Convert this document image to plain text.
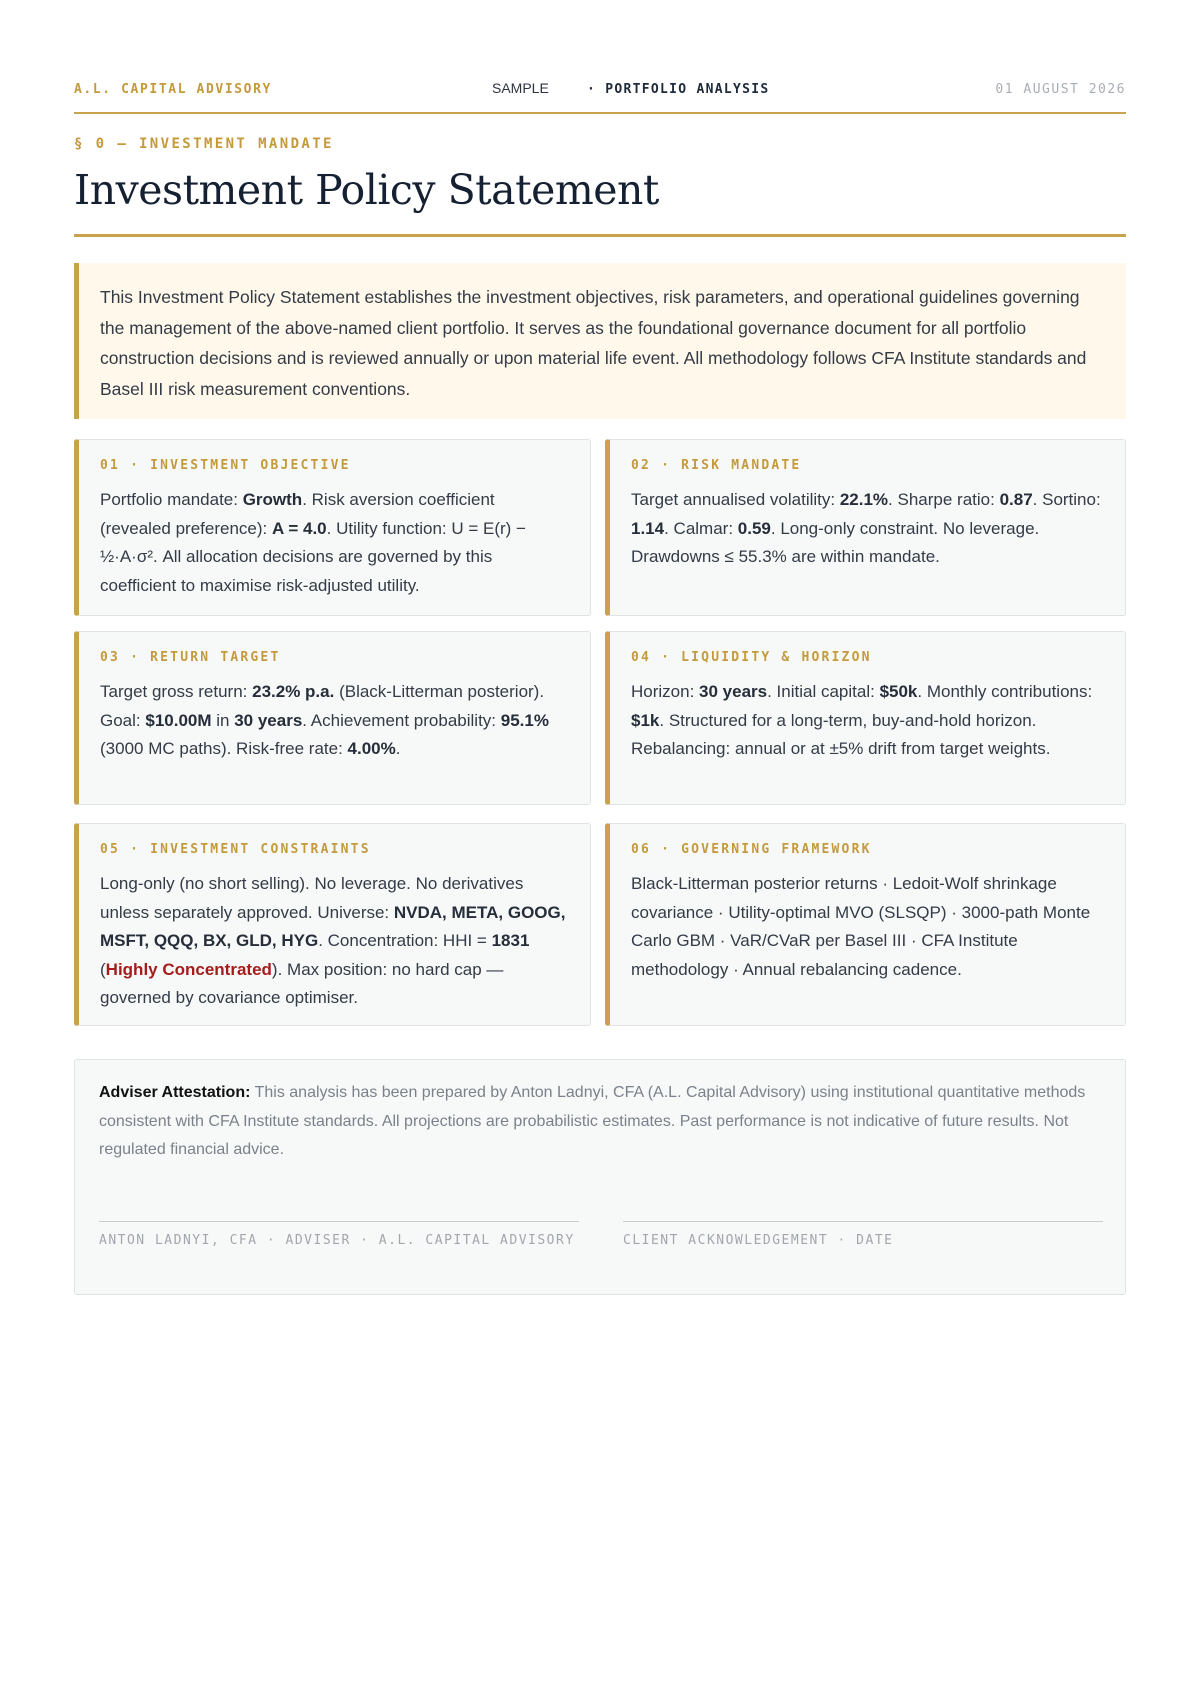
A.L. CAPITAL ADVISORY	SAMPLE	· PORTFOLIO ANALYSIS	01 AUGUST 2026
§ 0 — INVESTMENT MANDATE
Investment Policy Statement
This Investment Policy Statement establishes the investment objectives, risk parameters, and operational guidelines governing the management of the above-named client portfolio. It serves as the foundational governance document for all portfolio construction decisions and is reviewed annually or upon material life event. All methodology follows CFA Institute standards and Basel III risk measurement conventions.
01 · INVESTMENT OBJECTIVE
Portfolio mandate: Growth. Risk aversion coefficient (revealed preference): A = 4.0. Utility function: U = E(r) − ½·A·σ². All allocation decisions are governed by this coefficient to maximise risk-adjusted utility.
02 · RISK MANDATE
Target annualised volatility: 22.1%. Sharpe ratio: 0.87. Sortino: 1.14. Calmar: 0.59. Long-only constraint. No leverage. Drawdowns ≤ 55.3% are within mandate.
03 · RETURN TARGET
Target gross return: 23.2% p.a. (Black-Litterman posterior). Goal: $10.00M in 30 years. Achievement probability: 95.1% (3000 MC paths). Risk-free rate: 4.00%.
04 · LIQUIDITY & HORIZON
Horizon: 30 years. Initial capital: $50k. Monthly contributions: $1k. Structured for a long-term, buy-and-hold horizon. Rebalancing: annual or at ±5% drift from target weights.
05 · INVESTMENT CONSTRAINTS
Long-only (no short selling). No leverage. No derivatives unless separately approved. Universe: NVDA, META, GOOG, MSFT, QQQ, BX, GLD, HYG. Concentration: HHI = 1831 (Highly Concentrated). Max position: no hard cap — governed by covariance optimiser.
06 · GOVERNING FRAMEWORK
Black-Litterman posterior returns · Ledoit-Wolf shrinkage covariance · Utility-optimal MVO (SLSQP) · 3000-path Monte Carlo GBM · VaR/CVaR per Basel III · CFA Institute methodology · Annual rebalancing cadence.
Adviser Attestation: This analysis has been prepared by Anton Ladnyi, CFA (A.L. Capital Advisory) using institutional quantitative methods consistent with CFA Institute standards. All projections are probabilistic estimates. Past performance is not indicative of future results. Not regulated financial advice.
ANTON LADNYI, CFA · ADVISER · A.L. CAPITAL ADVISORY	CLIENT ACKNOWLEDGEMENT · DATE
